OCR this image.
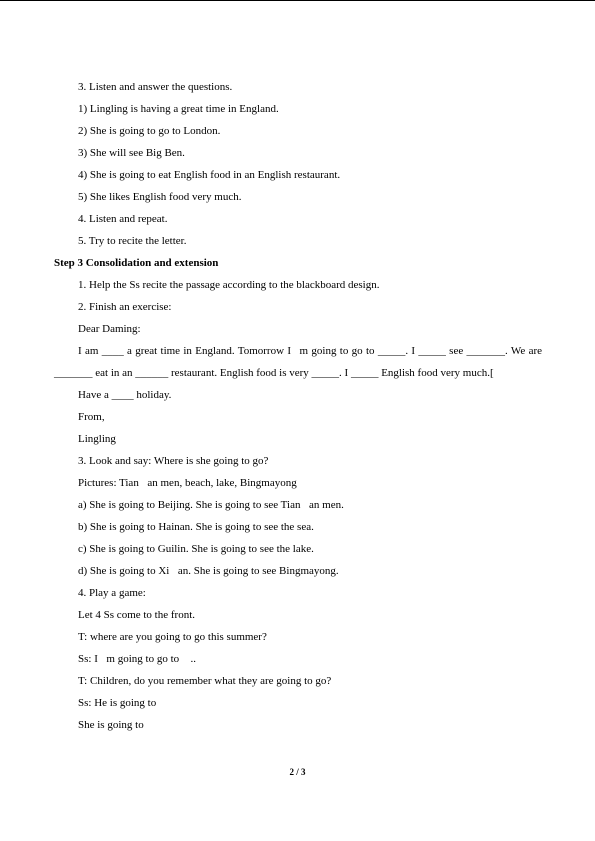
3. Listen and answer the questions.
1) Lingling is having a great time in England.
2) She is going to go to London.
3) She will see Big Ben.
4) She is going to eat English food in an English restaurant.
5) She likes English food very much.
4. Listen and repeat.
5. Try to recite the letter.
Step 3 Consolidation and extension
1. Help the Ss recite the passage according to the blackboard design.
2. Finish an exercise:
Dear Daming:
I am ____ a great time in England. Tomorrow I m going to go to _____. I _____ see _______. We are _______ eat in an ______ restaurant. English food is very _____. I _____ English food very much.[
Have a ____ holiday.
From,
Lingling
3. Look and say: Where is she going to go?
Pictures: Tian an men, beach, lake, Bingmayong
a) She is going to Beijing. She is going to see Tian an men.
b) She is going to Hainan. She is going to see the sea.
c) She is going to Guilin. She is going to see the lake.
d) She is going to Xi an. She is going to see Bingmayong.
4. Play a game:
Let 4 Ss come to the front.
T: where are you going to go this summer?
Ss: I m going to go to  ..
T: Children, do you remember what they are going to go?
Ss: He is going to  
She is going to  
2 / 3
